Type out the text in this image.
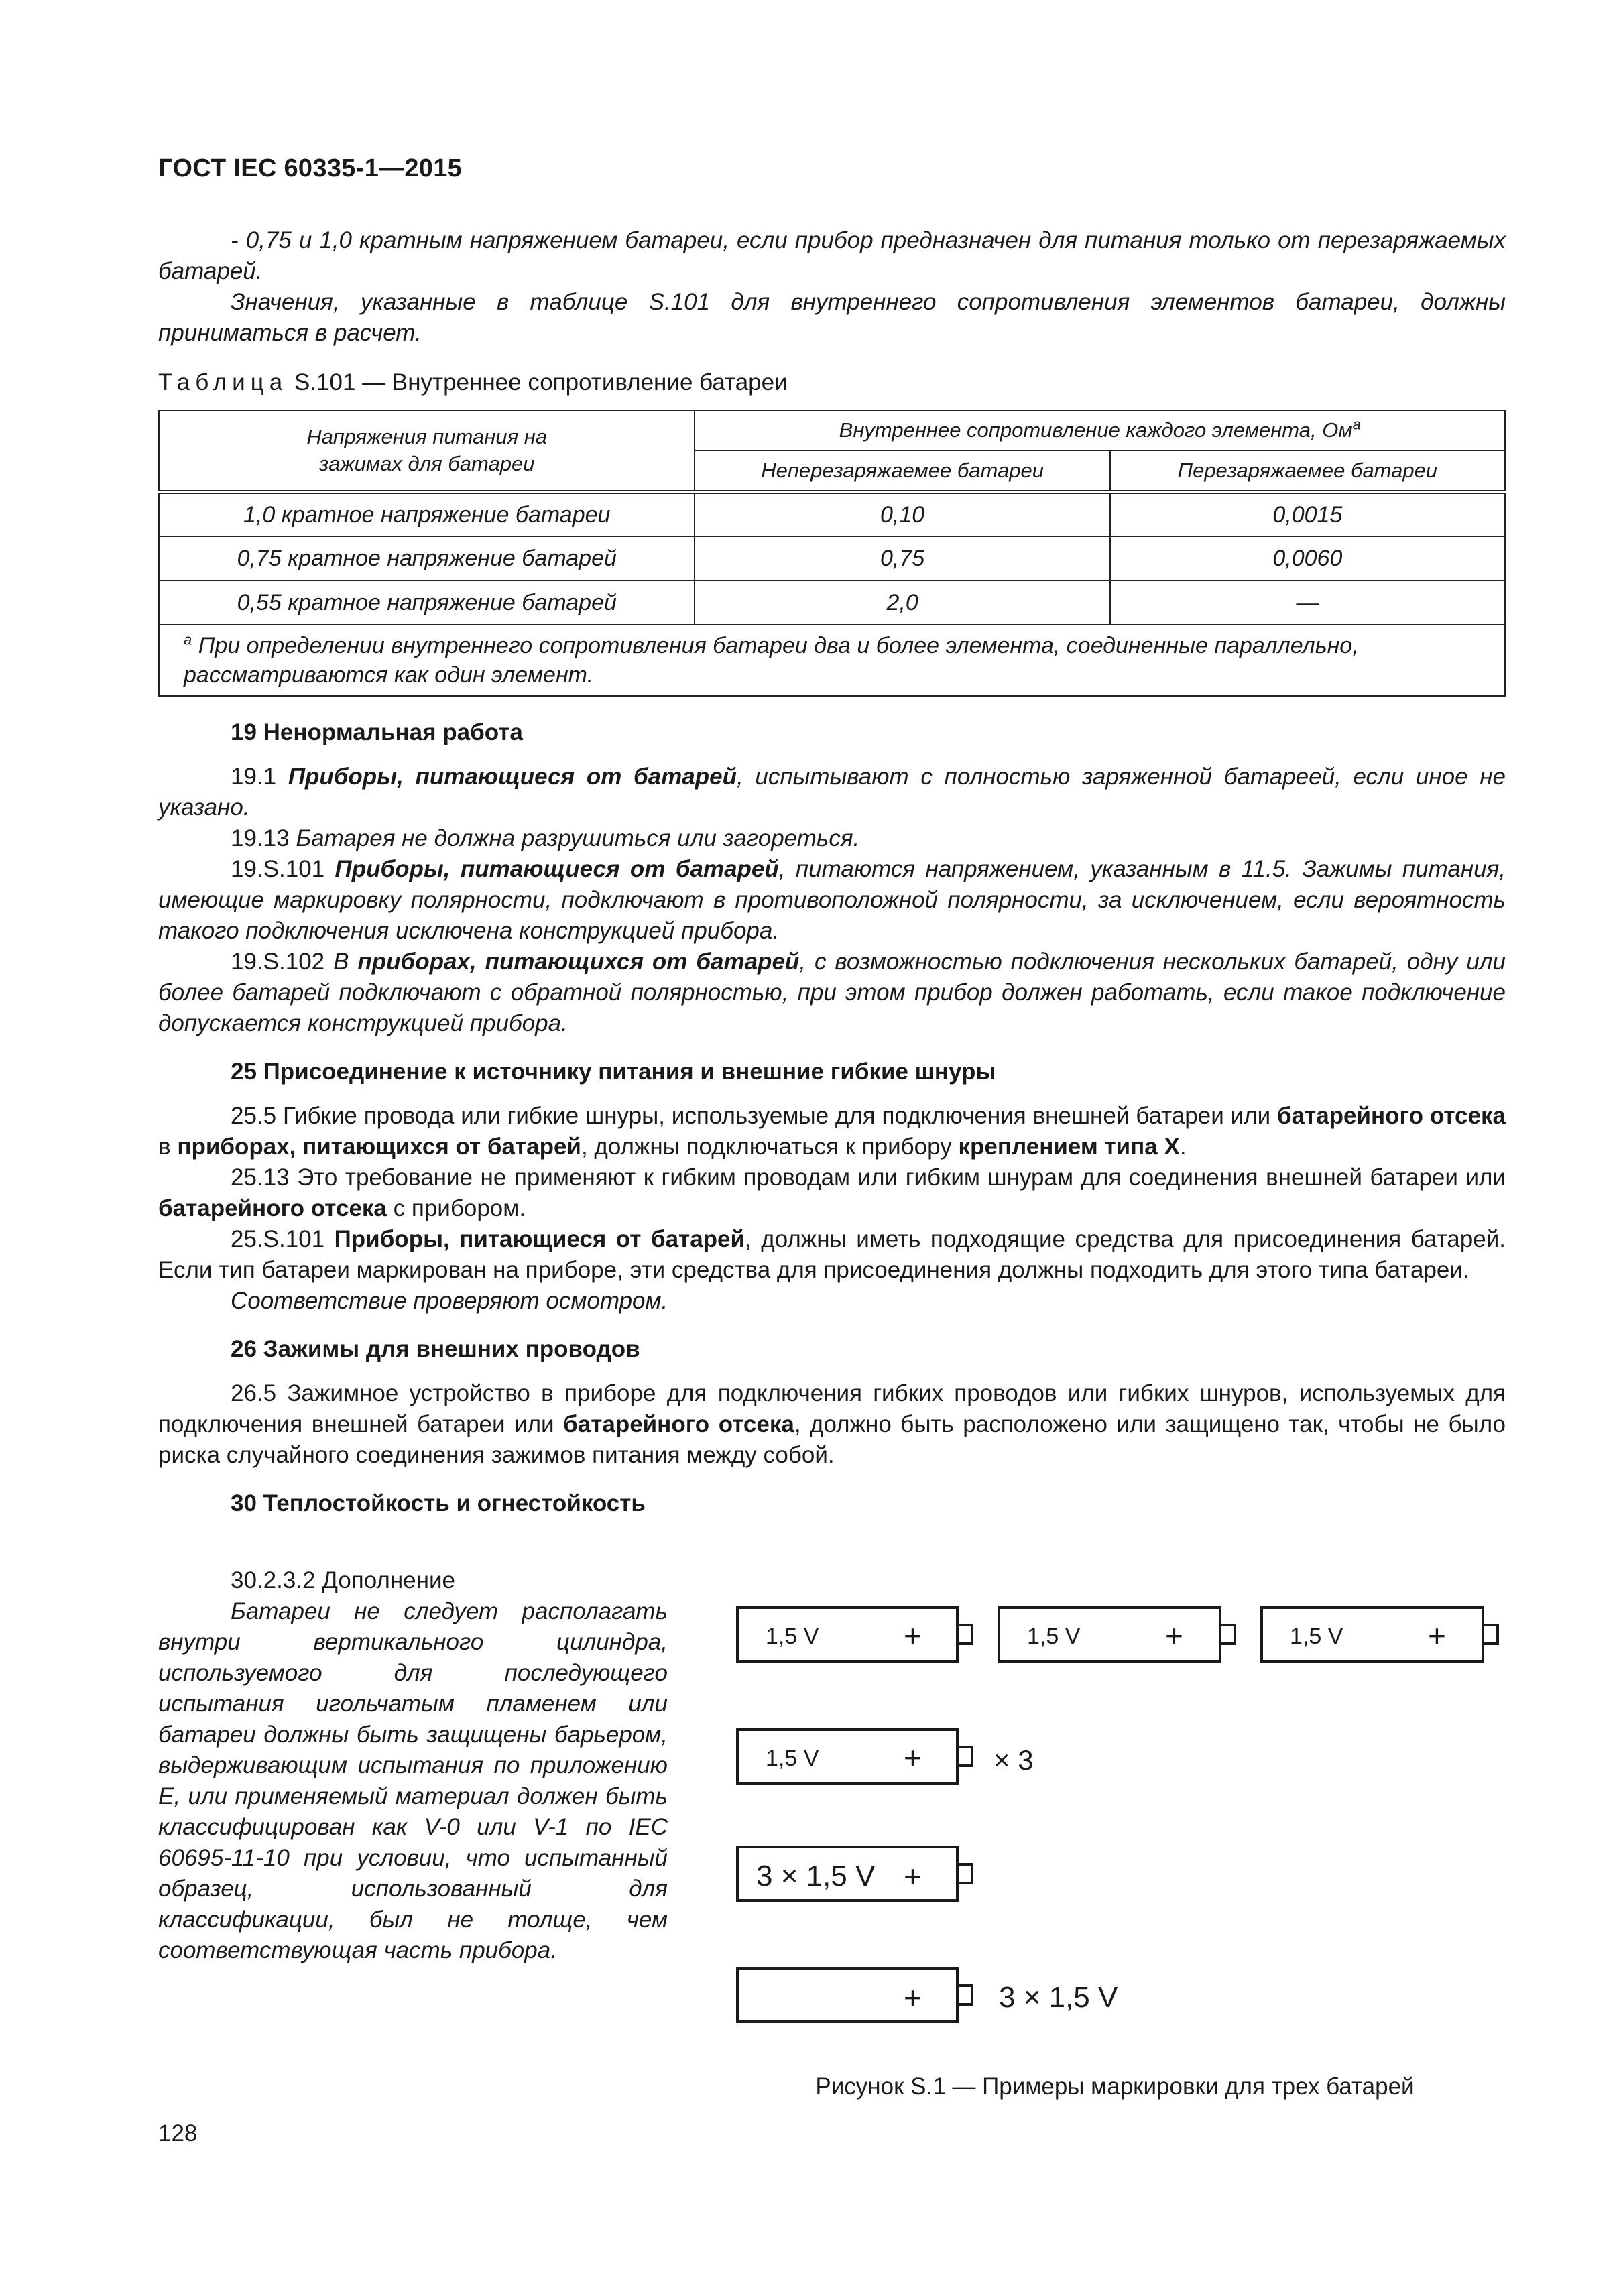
ГОСТ IEC 60335-1—2015

- 0,75 и 1,0 кратным напряжением батареи, если прибор предназначен для питания только от перезаряжаемых батарей.

Значения, указанные в таблице S.101 для внутреннего сопротивления элементов батареи, должны приниматься в расчет.

Таблица S.101 — Внутреннее сопротивление батареи
Напряжения питания на зажимах для батареи	Внутреннее сопротивление каждого элемента, $Ом^a$
	Неперезаряжаемее батареи	Перезаряжаемее батареи
1,0 кратное напряжение батареи	0,10	0,0015
0,75 кратное напряжение батарей	0,75	0,0060
0,55 кратное напряжение батарей	2,0	—
$^a$ При определении внутреннего сопротивления батареи два и более элемента, соединенные параллельно, рассматриваются как один элемент.		

19 Ненормальная работа

19.1 Приборы, питающиеся от батарей, испытывают с полностью заряженной батареей, если иное не указано.

19.13 Батарея не должна разрушиться или загореться.

19.S.101 Приборы, питающиеся от батарей, питаются напряжением, указанным в 11.5. Зажимы питания, имеющие маркировку полярности, подключают в противоположной полярности, за исключением, если вероятность такого подключения исключена конструкцией прибора.

19.S.102 В приборах, питающихся от батарей, с возможностью подключения нескольких батарей, одну или более батарей подключают с обратной полярностью, при этом прибор должен работать, если такое подключение допускается конструкцией прибора.

25 Присоединение к источнику питания и внешние гибкие шнуры

25.5 Гибкие провода или гибкие шнуры, используемые для подключения внешней батареи или батарейного отсека в приборах, питающихся от батарей, должны подключаться к прибору креплением типа X.

25.13 Это требование не применяют к гибким проводам или гибким шнурам для соединения внешней батареи или батарейного отсека с прибором.

25.S.101 Приборы, питающиеся от батарей, должны иметь подходящие средства для присоединения батарей. Если тип батареи маркирован на приборе, эти средства для присоединения должны подходить для этого типа батареи.

Соответствие проверяют осмотром.

26 Зажимы для внешних проводов

26.5 Зажимное устройство в приборе для подключения гибких проводов или гибких шнуров, используемых для подключения внешней батареи или батарейного отсека, должно быть расположено или защищено так, чтобы не было риска случайного соединения зажимов питания между собой.

30 Теплостойкость и огнестойкость

30.2.3.2 Дополнение

Батареи не следует располагать внутри вертикального цилиндра, используемого для последующего испытания игольчатым пламенем или батареи должны быть защищены барьером, выдерживающим испытания по приложению E, или применяемый материал должен быть классифицирован как V-0 или V-1 по IEC 60695-11-10 при условии, что испытанный образец, использованный для классификации, был не толще, чем соответствующая часть прибора.

1,5 V	+	1,5 V	+	1,5 V	+
1,5 V	+	× 3
3 × 1,5 V +
+	3 × 1,5 V
Рисунок S.1 — Примеры маркировки для трех батарей
128
